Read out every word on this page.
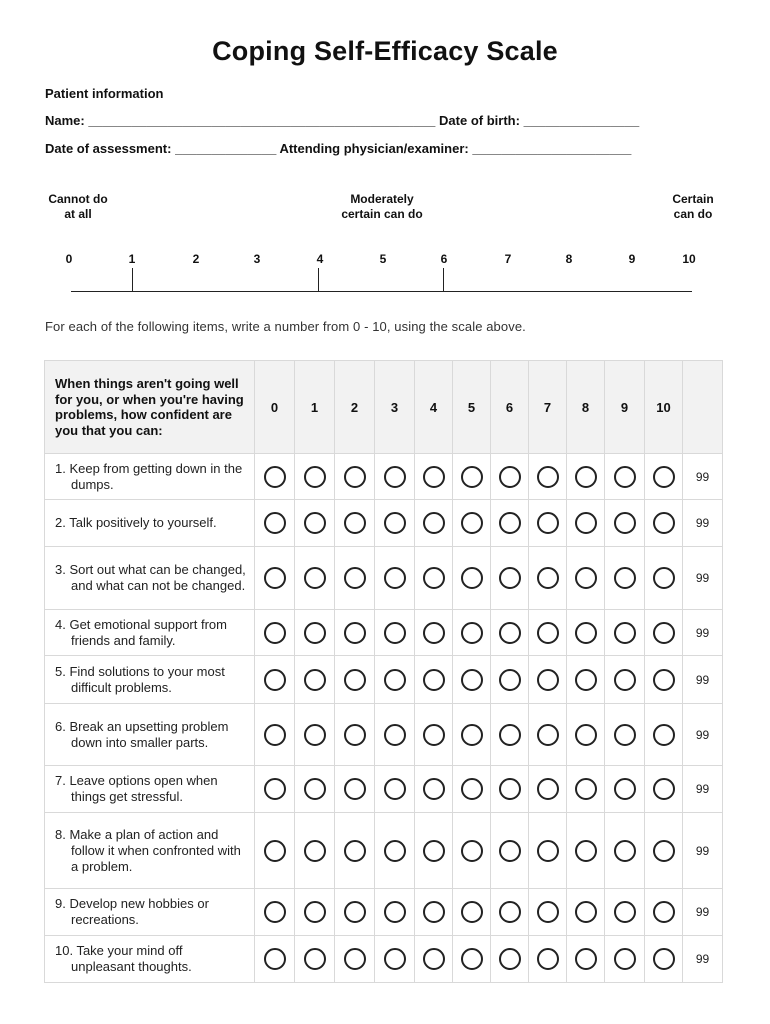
Coping Self-Efficacy Scale
Patient information
Name: ________________________________________________ Date of birth: ________________
Date of assessment: ______________ Attending physician/examiner: ______________________
Cannot do
at all
Moderately
certain can do
Certain
can do
0	1	2	3	4	5	6	7	8	9	10
For each of the following items, write a number from 0 - 10, using the scale above.
When things aren't going well for you, or when you're having problems, how confident are you that you can:	0	1	2	3	4	5	6	7	8	9	10	

1. Keep from getting down in the dumps.												99

2. Talk positively to yourself.												99

3. Sort out what can be changed, and what can not be changed.												99

4. Get emotional support from friends and family.												99

5. Find solutions to your most difficult problems.												99

6. Break an upsetting problem down into smaller parts.												99

7. Leave options open when things get stressful.												99

8. Make a plan of action and follow it when confronted with a problem.												99

9. Develop new hobbies or recreations.												99

10. Take your mind off unpleasant thoughts.												99
